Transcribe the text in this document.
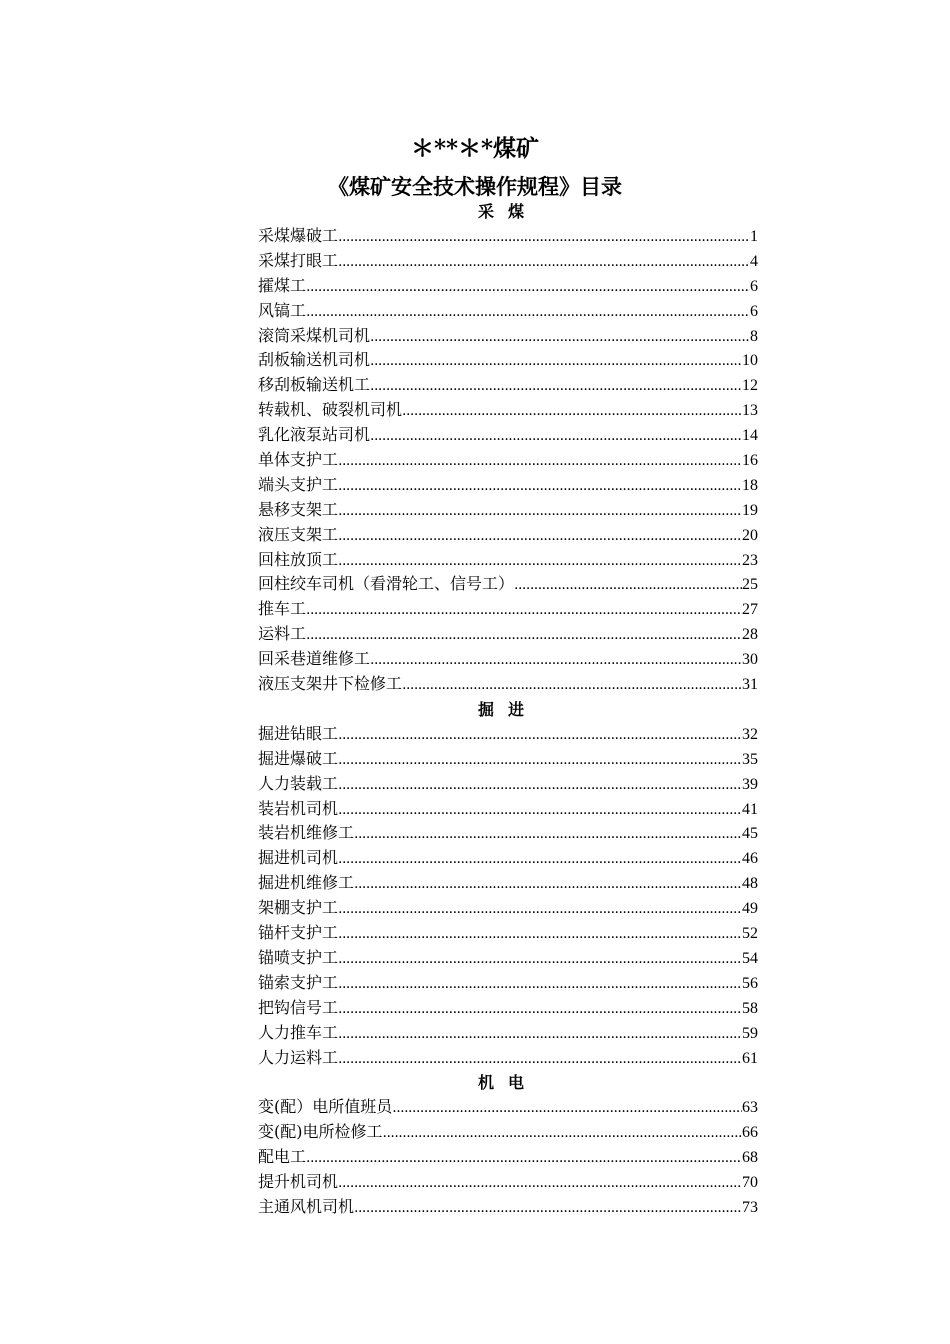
＊**＊*煤矿
《煤矿安全技术操作规程》目录
采煤
采煤爆破工 .....	1
采煤打眼工 .....	4
攉煤工 .....	6
风镐工 .....	6
滚筒采煤机司机 .....	8
刮板输送机司机 .....	10
移刮板输送机工 .....	12
转载机、破裂机司机 .....	13
乳化液泵站司机 .....	14
单体支护工 .....	16
端头支护工 .....	18
悬移支架工 .....	19
液压支架工 .....	20
回柱放顶工 .....	23
回柱绞车司机（看滑轮工、信号工） .....	25
推车工 .....	27
运料工 .....	28
回采巷道维修工 .....	30
液压支架井下检修工 .....	31
掘进
掘进钻眼工 .....	32
掘进爆破工 .....	35
人力装载工 .....	39
装岩机司机 .....	41
装岩机维修工 .....	45
掘进机司机 .....	46
掘进机维修工 .....	48
架棚支护工 .....	49
锚杆支护工 .....	52
锚喷支护工 .....	54
锚索支护工 .....	56
把钩信号工 .....	58
人力推车工 .....	59
人力运料工 .....	61
机电
变(配）电所值班员 .....	63
变(配)电所检修工 .....	66
配电工 .....	68
提升机司机 .....	70
主通风机司机 .....	73
